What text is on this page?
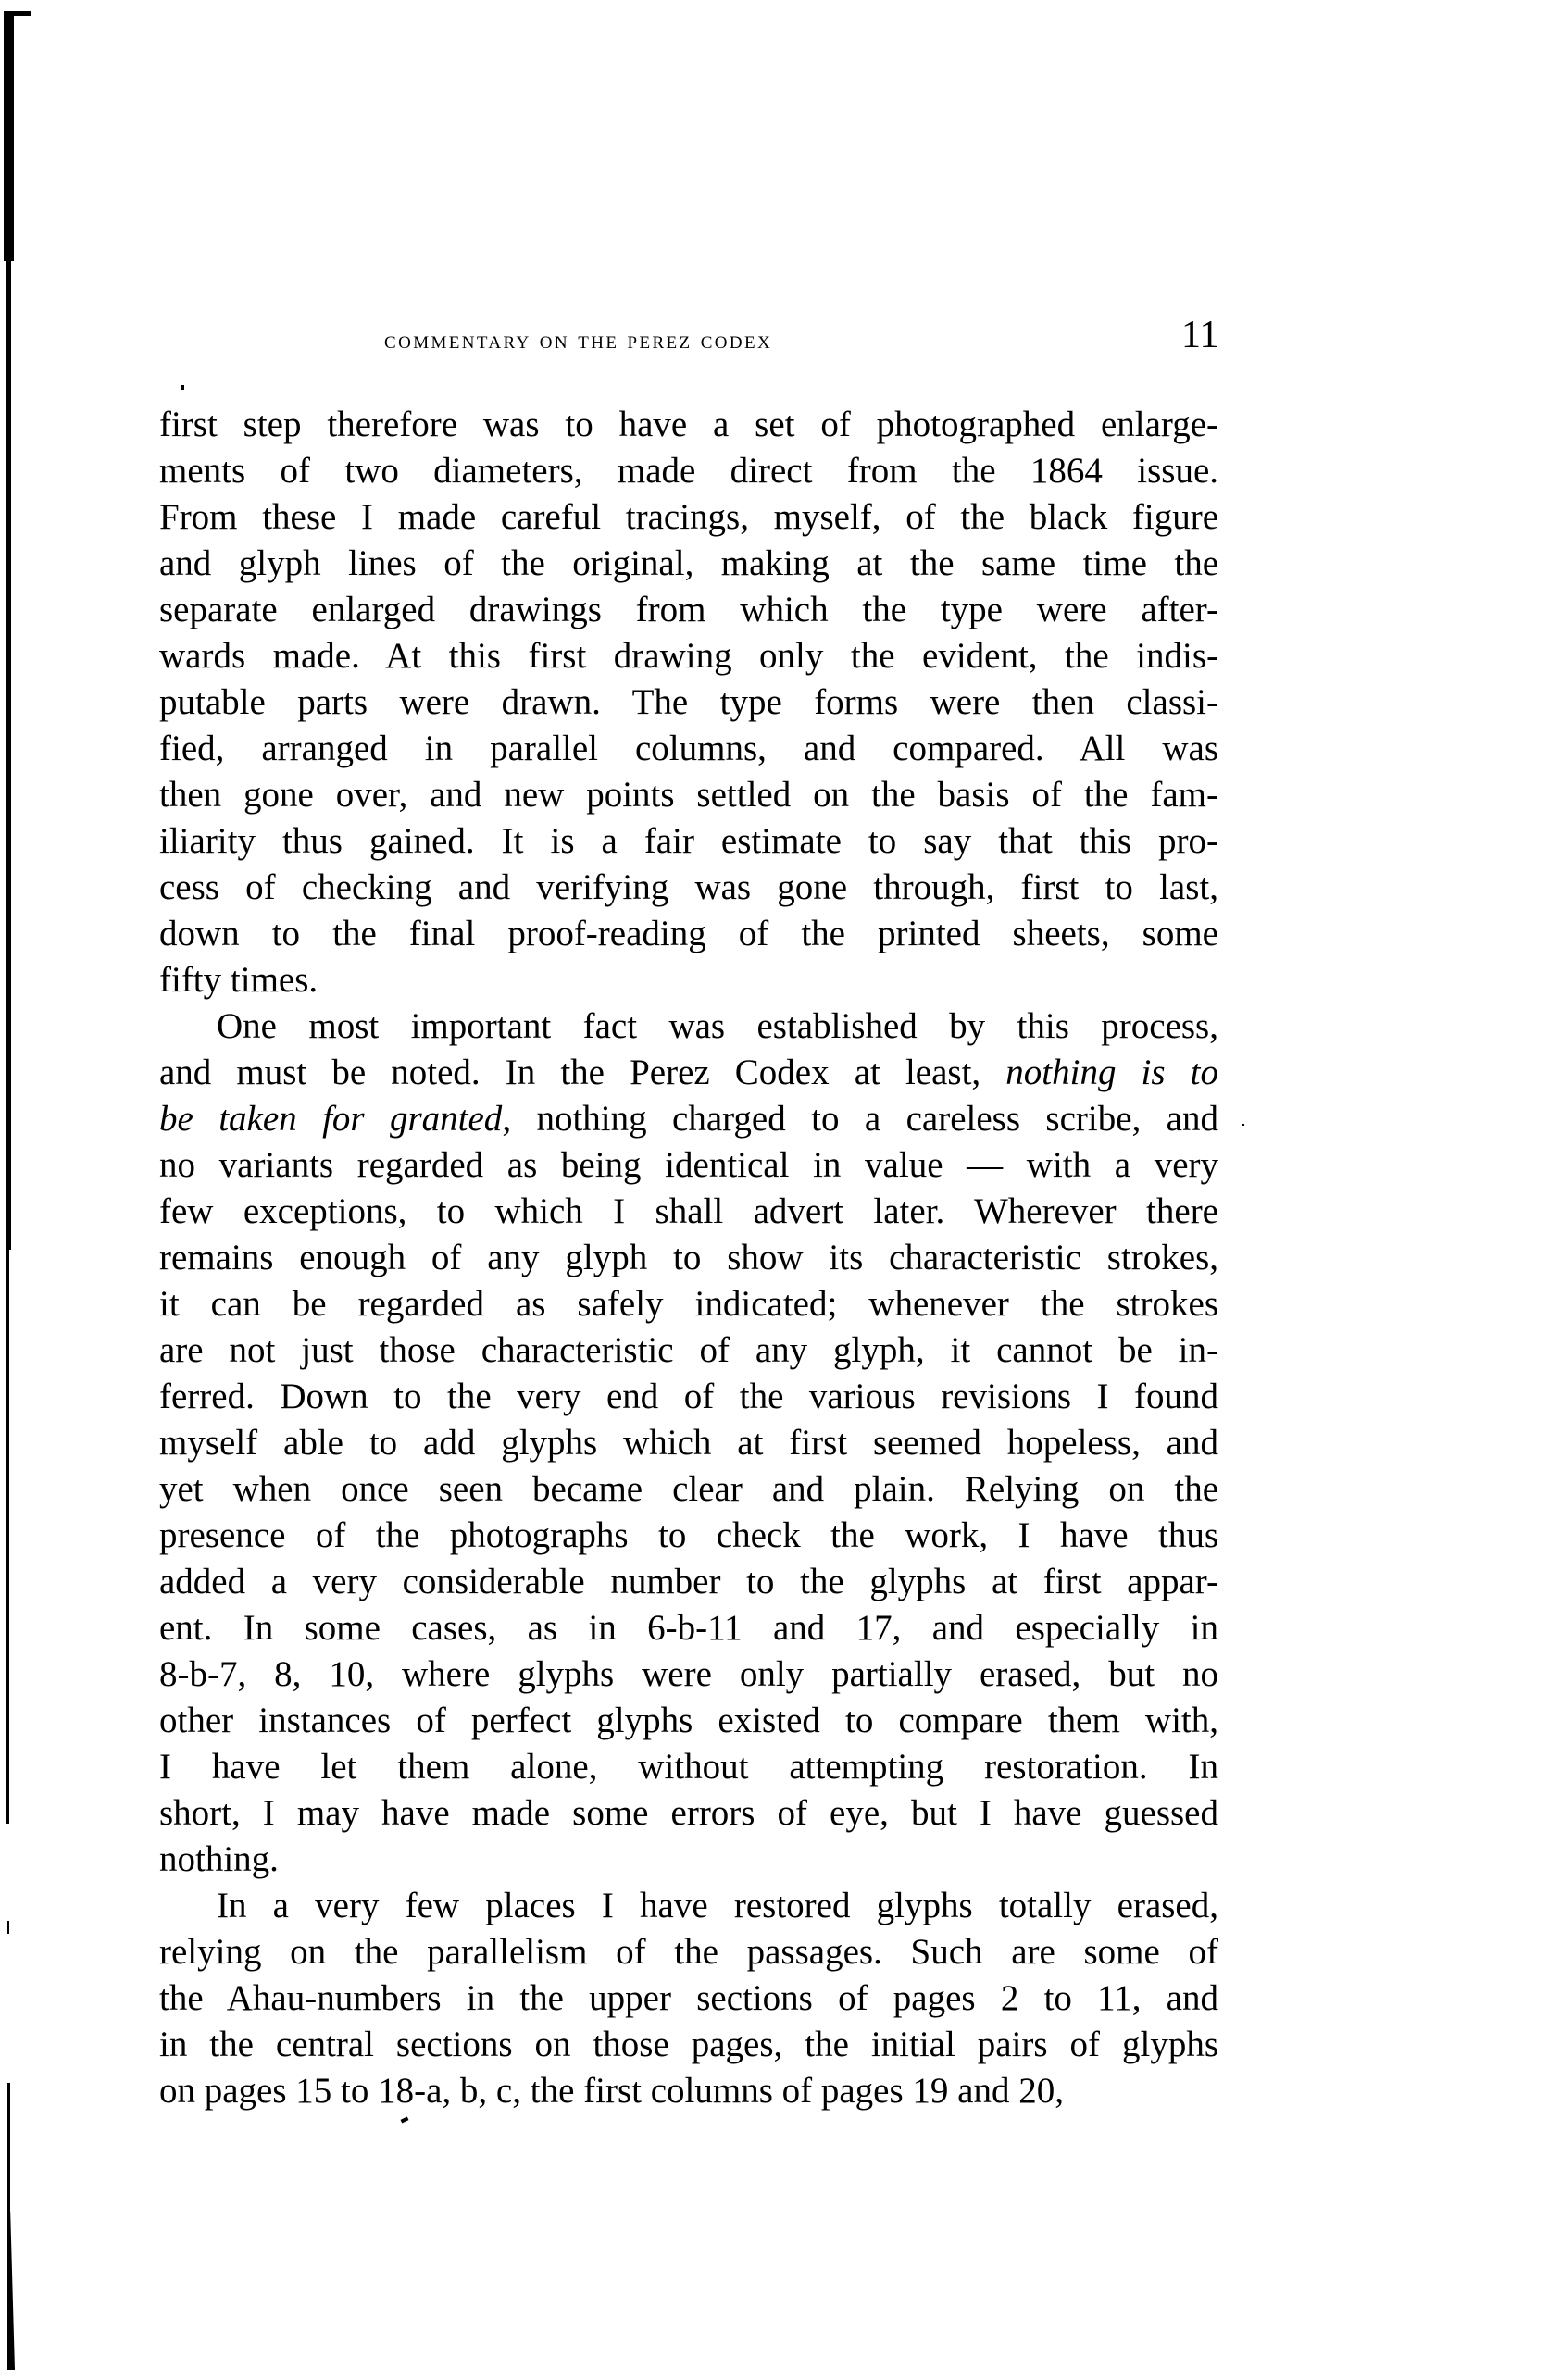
commentary on the perez codex	11
first step therefore was to have a set of photographed enlarge-
ments of two diameters, made direct from the 1864 issue.
From these I made careful tracings, myself, of the black figure
and glyph lines of the original, making at the same time the
separate enlarged drawings from which the type were after-
wards made. At this first drawing only the evident, the indis-
putable parts were drawn. The type forms were then classi-
fied, arranged in parallel columns, and compared. All was
then gone over, and new points settled on the basis of the fam-
iliarity thus gained. It is a fair estimate to say that this pro-
cess of checking and verifying was gone through, first to last,
down to the final proof-reading of the printed sheets, some
fifty times.
One most important fact was established by this process,
and must be noted. In the Perez Codex at least, nothing is to
be taken for granted, nothing charged to a careless scribe, and
no variants regarded as being identical in value — with a very
few exceptions, to which I shall advert later. Wherever there
remains enough of any glyph to show its characteristic strokes,
it can be regarded as safely indicated; whenever the strokes
are not just those characteristic of any glyph, it cannot be in-
ferred. Down to the very end of the various revisions I found
myself able to add glyphs which at first seemed hopeless, and
yet when once seen became clear and plain. Relying on the
presence of the photographs to check the work, I have thus
added a very considerable number to the glyphs at first appar-
ent. In some cases, as in 6-b-11 and 17, and especially in
8-b-7, 8, 10, where glyphs were only partially erased, but no
other instances of perfect glyphs existed to compare them with,
I have let them alone, without attempting restoration. In
short, I may have made some errors of eye, but I have guessed
nothing.
In a very few places I have restored glyphs totally erased,
relying on the parallelism of the passages. Such are some of
the Ahau-numbers in the upper sections of pages 2 to 11, and
in the central sections on those pages, the initial pairs of glyphs
on pages 15 to 18-a, b, c, the first columns of pages 19 and 20,
